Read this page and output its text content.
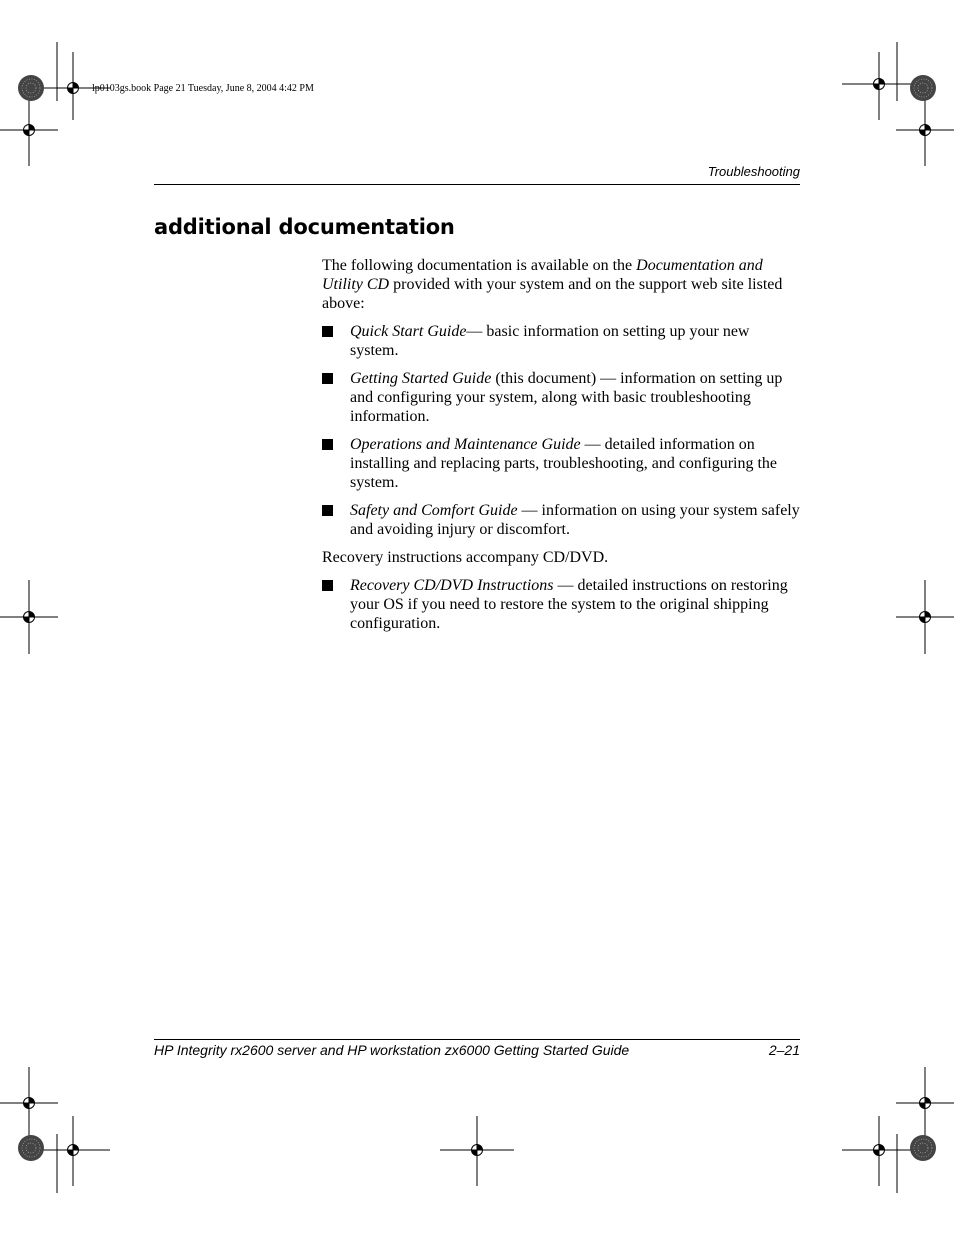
lp0103gs.book Page 21 Tuesday, June 8, 2004 4:42 PM
Troubleshooting
additional documentation

The following documentation is available on the Documentation and Utility CD provided with your system and on the support web site listed above:

Quick Start Guide— basic information on setting up your new system.
Getting Started Guide (this document) — information on setting up and configuring your system, along with basic troubleshooting information.
Operations and Maintenance Guide — detailed information on installing and replacing parts, troubleshooting, and configuring the system.
Safety and Comfort Guide — information on using your system safely and avoiding injury or discomfort.

Recovery instructions accompany CD/DVD.

Recovery CD/DVD Instructions — detailed instructions on restoring your OS if you need to restore the system to the original shipping configuration.
HP Integrity rx2600 server and HP workstation zx6000 Getting Started Guide	2–21
